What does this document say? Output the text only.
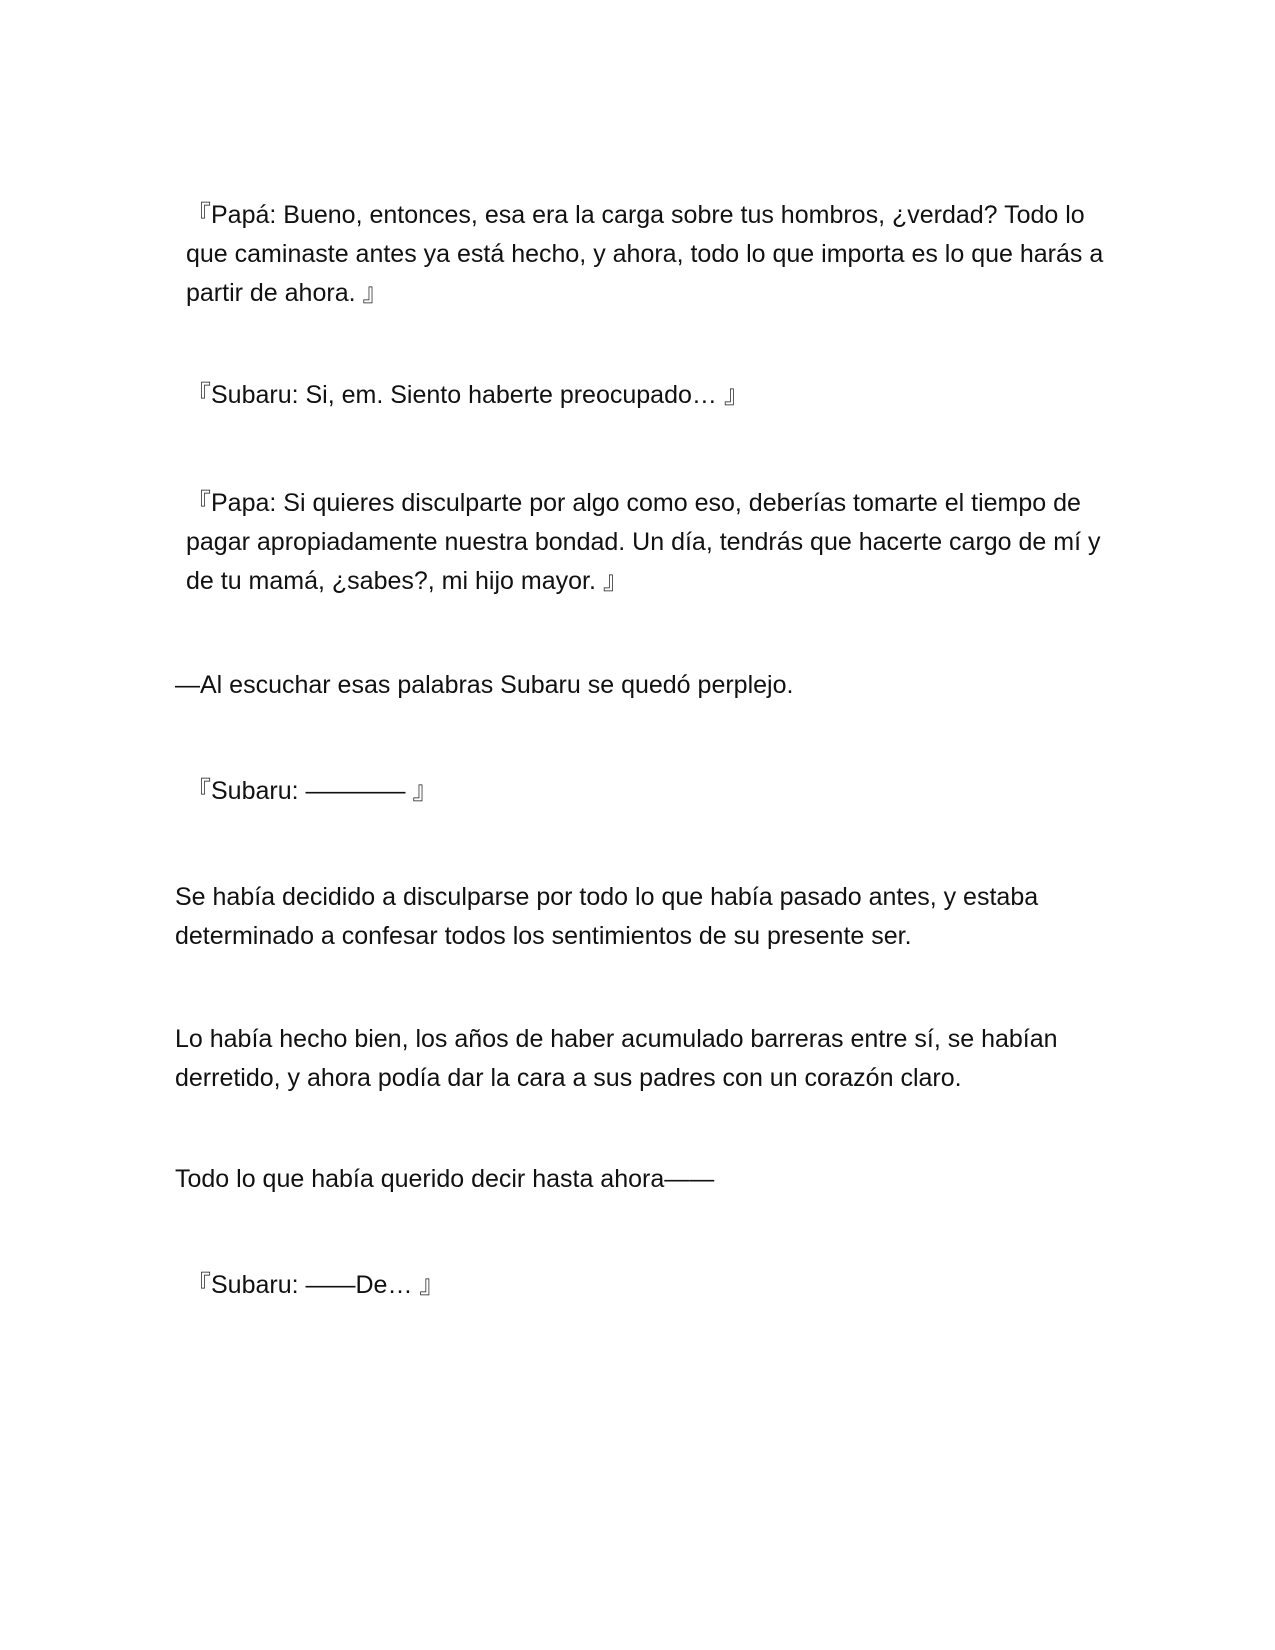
『Papá: Bueno, entonces, esa era la carga sobre tus hombros, ¿verdad? Todo lo que caminaste antes ya está hecho, y ahora, todo lo que importa es lo que harás a partir de ahora. 』

『Subaru: Si, em. Siento haberte preocupado… 』

『Papa: Si quieres disculparte por algo como eso, deberías tomarte el tiempo de pagar apropiadamente nuestra bondad. Un día, tendrás que hacerte cargo de mí y de tu mamá, ¿sabes?, mi hijo mayor. 』

—Al escuchar esas palabras Subaru se quedó perplejo.

『Subaru: ———— 』

Se había decidido a disculparse por todo lo que había pasado antes, y estaba determinado a confesar todos los sentimientos de su presente ser.

Lo había hecho bien, los años de haber acumulado barreras entre sí, se habían derretido, y ahora podía dar la cara a sus padres con un corazón claro.

Todo lo que había querido decir hasta ahora——

『Subaru: ——De… 』
